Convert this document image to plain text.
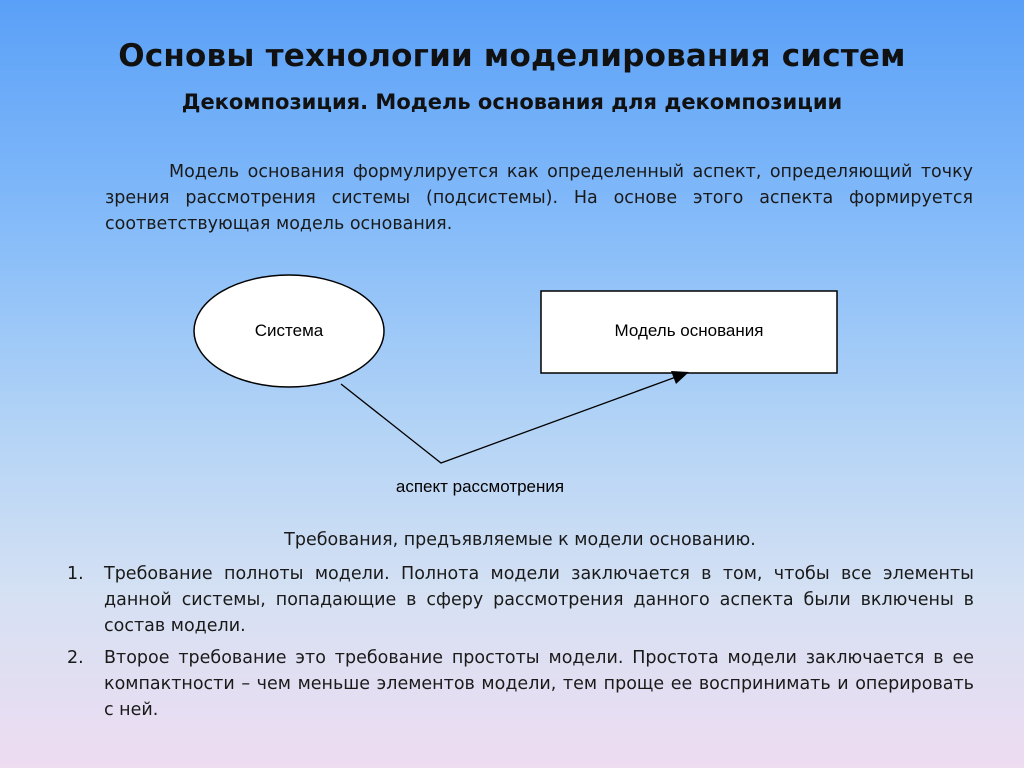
Основы технологии моделирования систем
Декомпозиция. Модель основания для декомпозиции
Модель основания формулируется как определенный аспект, определяющий точку зрения рассмотрения системы (подсистемы). На основе этого аспекта формируется соответствующая модель основания.
Система	Модель основания
аспект рассмотрения
Требования, предъявляемые к модели основанию.
1. Требование полноты модели. Полнота модели заключается в том, чтобы все элементы данной системы, попадающие в сферу рассмотрения данного аспекта были включены в состав модели.
2. Второе требование это требование простоты модели. Простота модели заключается в ее компактности – чем меньше элементов модели, тем проще ее воспринимать и оперировать с ней.
